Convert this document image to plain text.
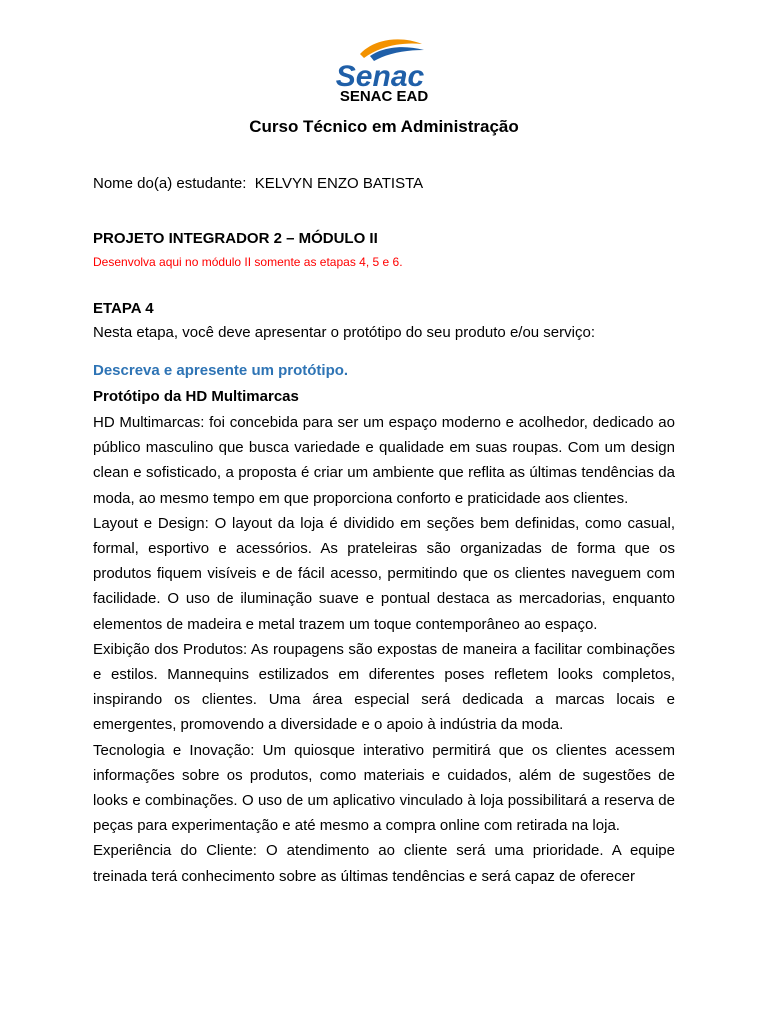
Senac
SENAC EAD
Curso Técnico em Administração
Nome do(a) estudante: KELVYN ENZO BATISTA
PROJETO INTEGRADOR 2 – MÓDULO II
Desenvolva aqui no módulo II somente as etapas 4, 5 e 6.
ETAPA 4
Nesta etapa, você deve apresentar o protótipo do seu produto e/ou serviço:
Descreva e apresente um protótipo.
Protótipo da HD Multimarcas

HD Multimarcas: foi concebida para ser um espaço moderno e acolhedor, dedicado ao público masculino que busca variedade e qualidade em suas roupas. Com um design clean e sofisticado, a proposta é criar um ambiente que reflita as últimas tendências da moda, ao mesmo tempo em que proporciona conforto e praticidade aos clientes.

Layout e Design: O layout da loja é dividido em seções bem definidas, como casual, formal, esportivo e acessórios. As prateleiras são organizadas de forma que os produtos fiquem visíveis e de fácil acesso, permitindo que os clientes naveguem com facilidade. O uso de iluminação suave e pontual destaca as mercadorias, enquanto elementos de madeira e metal trazem um toque contemporâneo ao espaço.

Exibição dos Produtos: As roupagens são expostas de maneira a facilitar combinações e estilos. Mannequins estilizados em diferentes poses refletem looks completos, inspirando os clientes. Uma área especial será dedicada a marcas locais e emergentes, promovendo a diversidade e o apoio à indústria da moda.

Tecnologia e Inovação: Um quiosque interativo permitirá que os clientes acessem informações sobre os produtos, como materiais e cuidados, além de sugestões de looks e combinações. O uso de um aplicativo vinculado à loja possibilitará a reserva de peças para experimentação e até mesmo a compra online com retirada na loja.

Experiência do Cliente: O atendimento ao cliente será uma prioridade. A equipe treinada terá conhecimento sobre as últimas tendências e será capaz de oferecer
